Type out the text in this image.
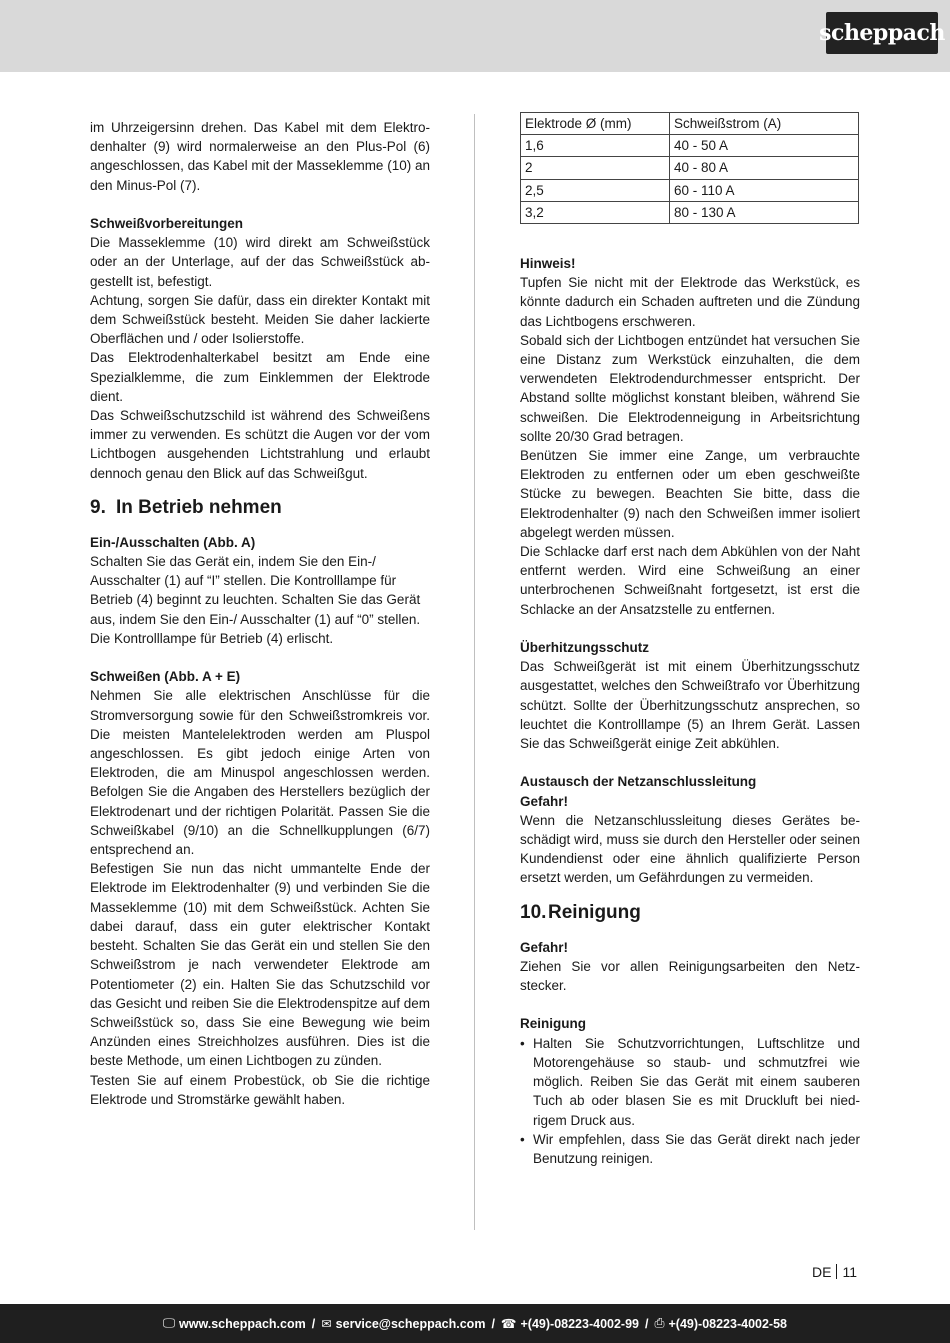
scheppach

im Uhrzeigersinn drehen. Das Kabel mit dem Elektrodenhalter (9) wird normalerweise an den Plus-Pol (6) angeschlossen, das Kabel mit der Masseklemme (10) an den Minus-Pol (7).

Schweißvorbereitungen

Die Masseklemme (10) wird direkt am Schweißstück oder an der Unterlage, auf der das Schweißstück abgestellt ist, befestigt.

Achtung, sorgen Sie dafür, dass ein direkter Kontakt mit dem Schweißstück besteht. Meiden Sie daher lackierte Oberflächen und / oder Isolierstoffe.

Das Elektrodenhalterkabel besitzt am Ende eine Spezialklemme, die zum Einklemmen der Elektrode dient.

Das Schweißschutzschild ist während des Schweißens immer zu verwenden. Es schützt die Augen vor der vom Lichtbogen ausgehenden Lichtstrahlung und erlaubt dennoch genau den Blick auf das Schweißgut.

9. In Betrieb nehmen
Ein-/Ausschalten (Abb. A)

Schalten Sie das Gerät ein, indem Sie den Ein-/ Ausschalter (1) auf “I” stellen. Die Kontrolllampe für Betrieb (4) beginnt zu leuchten. Schalten Sie das Gerät aus, indem Sie den Ein-/ Ausschalter (1) auf “0” stellen. Die Kontrolllampe für Betrieb (4) erlischt.

Schweißen (Abb. A + E)

Nehmen Sie alle elektrischen Anschlüsse für die Stromversorgung sowie für den Schweißstromkreis vor. Die meisten Mantelelektroden werden am Pluspol angeschlossen. Es gibt jedoch einige Arten von Elektroden, die am Minuspol angeschlossen werden. Befolgen Sie die Angaben des Herstellers bezüglich der Elektrodenart und der richtigen Polarität. Passen Sie die Schweißkabel (9/10) an die Schnellkupplungen (6/7) entsprechend an.

Befestigen Sie nun das nicht ummantelte Ende der Elektrode im Elektrodenhalter (9) und verbinden Sie die Masseklemme (10) mit dem Schweißstück. Achten Sie dabei darauf, dass ein guter elektrischer Kontakt besteht. Schalten Sie das Gerät ein und stellen Sie den Schweißstrom je nach verwendeter Elektrode am Potentiometer (2) ein. Halten Sie das Schutzschild vor das Gesicht und reiben Sie die Elektrodenspitze auf dem Schweißstück so, dass Sie eine Bewegung wie beim Anzünden eines Streichholzes ausführen. Dies ist die beste Methode, um einen Lichtbogen zu zünden.

Testen Sie auf einem Probestück, ob Sie die richtige Elektrode und Stromstärke gewählt haben.

Elektrode Ø (mm)	Schweißstrom (A)
1,6	40 - 50 A
2	40 - 80 A
2,5	60 - 110 A
3,2	80 - 130 A
Hinweis!

Tupfen Sie nicht mit der Elektrode das Werkstück, es könnte dadurch ein Schaden auftreten und die Zündung das Lichtbogens erschweren.

Sobald sich der Lichtbogen entzündet hat versuchen Sie eine Distanz zum Werkstück einzuhalten, die dem verwendeten Elektrodendurchmesser entspricht. Der Abstand sollte möglichst konstant bleiben, während Sie schweißen. Die Elektrodenneigung in Arbeitsrichtung sollte 20/30 Grad betragen.

Benützen Sie immer eine Zange, um verbrauchte Elektroden zu entfernen oder um eben geschweißte Stücke zu bewegen. Beachten Sie bitte, dass die Elektrodenhalter (9) nach den Schweißen immer isoliert abgelegt werden müssen.

Die Schlacke darf erst nach dem Abkühlen von der Naht entfernt werden. Wird eine Schweißung an einer unterbrochenen Schweißnaht fortgesetzt, ist erst die Schlacke an der Ansatzstelle zu entfernen.

Überhitzungsschutz

Das Schweißgerät ist mit einem Überhitzungsschutz ausgestattet, welches den Schweißtrafo vor Überhitzung schützt. Sollte der Überhitzungsschutz ansprechen, so leuchtet die Kontrolllampe (5) an Ihrem Gerät. Lassen Sie das Schweißgerät einige Zeit abkühlen.

Austausch der Netzanschlussleitung
Gefahr!

Wenn die Netzanschlussleitung dieses Gerätes beschädigt wird, muss sie durch den Hersteller oder seinen Kundendienst oder eine ähnlich qualifizierte Person ersetzt werden, um Gefährdungen zu vermeiden.

10. Reinigung
Gefahr!

Ziehen Sie vor allen Reinigungsarbeiten den Netzstecker.

Reinigung
• Halten Sie Schutzvorrichtungen, Luftschlitze und Motorengehäuse so staub- und schmutzfrei wie möglich. Reiben Sie das Gerät mit einem sauberen Tuch ab oder blasen Sie es mit Druckluft bei niedrigem Druck aus.
• Wir empfehlen, dass Sie das Gerät direkt nach jeder Benutzung reinigen.
DE 11
🖵 www.scheppach.com / ✉ service@scheppach.com / ☎ +(49)-08223-4002-99 / ⎙ +(49)-08223-4002-58
